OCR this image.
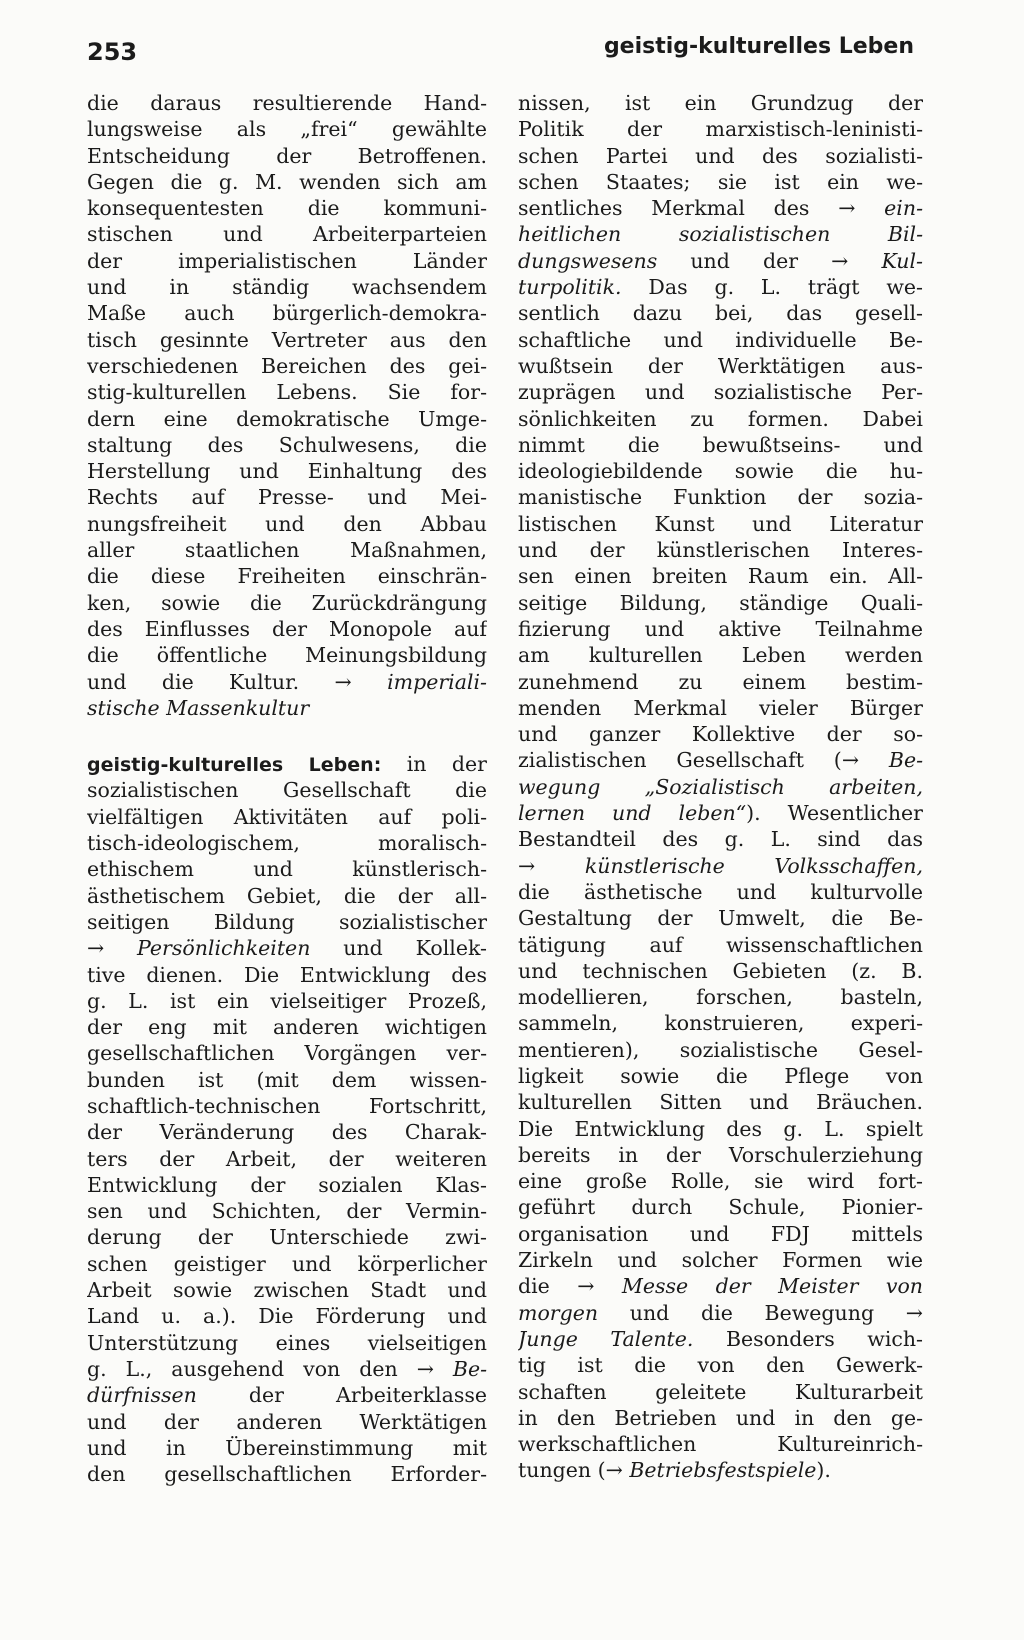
253	geistig-kulturelles Leben
die daraus resultierende Hand-
lungsweise als „frei“ gewählte
Entscheidung der Betroffenen.
Gegen die g. M. wenden sich am
konsequentesten die kommuni-
stischen und Arbeiterparteien
der imperialistischen Länder
und in ständig wachsendem
Maße auch bürgerlich-demokra-
tisch gesinnte Vertreter aus den
verschiedenen Bereichen des gei-
stig-kulturellen Lebens. Sie for-
dern eine demokratische Umge-
staltung des Schulwesens, die
Herstellung und Einhaltung des
Rechts auf Presse- und Mei-
nungsfreiheit und den Abbau
aller staatlichen Maßnahmen,
die diese Freiheiten einschrän-
ken, sowie die Zurückdrängung
des Einflusses der Monopole auf
die öffentliche Meinungsbildung
und die Kultur. → imperiali-
stische Massenkultur
geistig-kulturelles Leben: in der
sozialistischen Gesellschaft die
vielfältigen Aktivitäten auf poli-
tisch-ideologischem, moralisch-
ethischem und künstlerisch-
ästhetischem Gebiet, die der all-
seitigen Bildung sozialistischer
→ Persönlichkeiten und Kollek-
tive dienen. Die Entwicklung des
g. L. ist ein vielseitiger Prozeß,
der eng mit anderen wichtigen
gesellschaftlichen Vorgängen ver-
bunden ist (mit dem wissen-
schaftlich-technischen Fortschritt,
der Veränderung des Charak-
ters der Arbeit, der weiteren
Entwicklung der sozialen Klas-
sen und Schichten, der Vermin-
derung der Unterschiede zwi-
schen geistiger und körperlicher
Arbeit sowie zwischen Stadt und
Land u. a.). Die Förderung und
Unterstützung eines vielseitigen
g. L., ausgehend von den → Be-
dürfnissen	der Arbeiterklasse
und der anderen Werktätigen
und in Übereinstimmung mit
den gesellschaftlichen Erforder-
nissen, ist ein Grundzug der
Politik der marxistisch-leninisti-
schen Partei und des sozialisti-
schen Staates; sie ist ein we-
sentliches Merkmal des → ein-
heitlichen sozialistischen Bil-
dungswesens und der → Kul-
turpolitik. Das g. L. trägt we-
sentlich dazu bei, das gesell-
schaftliche und individuelle Be-
wußtsein der Werktätigen aus-
zuprägen und sozialistische Per-
sönlichkeiten zu formen. Dabei
nimmt die bewußtseins- und
ideologiebildende sowie die hu-
manistische Funktion der sozia-
listischen Kunst und Literatur
und der künstlerischen Interes-
sen einen breiten Raum ein. All-
seitige Bildung, ständige Quali-
fizierung und aktive Teilnahme
am kulturellen Leben werden
zunehmend zu einem bestim-
menden Merkmal vieler Bürger
und ganzer Kollektive der so-
zialistischen Gesellschaft (→ Be-
wegung „Sozialistisch arbeiten,
lernen und leben“). Wesentlicher
Bestandteil des g. L. sind das
→ künstlerische Volksschaffen,
die ästhetische und kulturvolle
Gestaltung der Umwelt, die Be-
tätigung auf wissenschaftlichen
und technischen Gebieten (z. B.
modellieren, forschen, basteln,
sammeln, konstruieren, experi-
mentieren), sozialistische Gesel-
ligkeit sowie die Pflege von
kulturellen Sitten und Bräuchen.
Die Entwicklung des g. L. spielt
bereits in der Vorschulerziehung
eine große Rolle, sie wird fort-
geführt durch Schule, Pionier-
organisation und FDJ mittels
Zirkeln und solcher Formen wie
die → Messe der Meister von
morgen und die Bewegung →
Junge Talente. Besonders wich-
tig ist die von den Gewerk-
schaften geleitete Kulturarbeit
in den Betrieben und in den ge-
werkschaftlichen Kultureinrich-
tungen (→ Betriebsfestspiele).
